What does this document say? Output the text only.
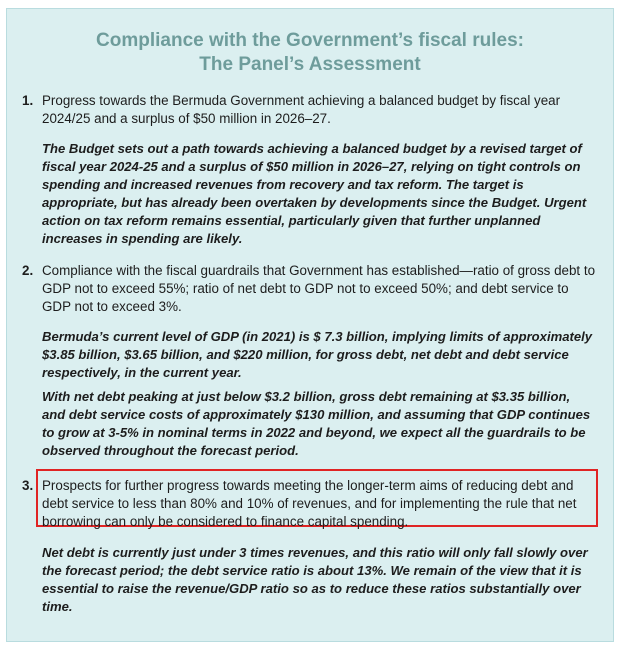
Compliance with the Government’s fiscal rules:
The Panel’s Assessment
1. Progress towards the Bermuda Government achieving a balanced budget by fiscal year 2024/25 and a surplus of $50 million in 2026–27.
The Budget sets out a path towards achieving a balanced budget by a revised target of fiscal year 2024-25 and a surplus of $50 million in 2026–27, relying on tight controls on spending and increased revenues from recovery and tax reform. The target is appropriate, but has already been overtaken by developments since the Budget. Urgent action on tax reform remains essential, particularly given that further unplanned increases in spending are likely.
2. Compliance with the fiscal guardrails that Government has established—ratio of gross debt to GDP not to exceed 55%; ratio of net debt to GDP not to exceed 50%; and debt service to GDP not to exceed 3%.
Bermuda’s current level of GDP (in 2021) is $ 7.3 billion, implying limits of approximately $3.85 billion, $3.65 billion, and $220 million, for gross debt, net debt and debt service respectively, in the current year.
With net debt peaking at just below $3.2 billion, gross debt remaining at $3.35 billion, and debt service costs of approximately $130 million, and assuming that GDP continues to grow at 3-5% in nominal terms in 2022 and beyond, we expect all the guardrails to be observed throughout the forecast period.
3. Prospects for further progress towards meeting the longer-term aims of reducing debt and debt service to less than 80% and 10% of revenues, and for implementing the rule that net borrowing can only be considered to finance capital spending.
Net debt is currently just under 3 times revenues, and this ratio will only fall slowly over the forecast period; the debt service ratio is about 13%. We remain of the view that it is essential to raise the revenue/GDP ratio so as to reduce these ratios substantially over time.
